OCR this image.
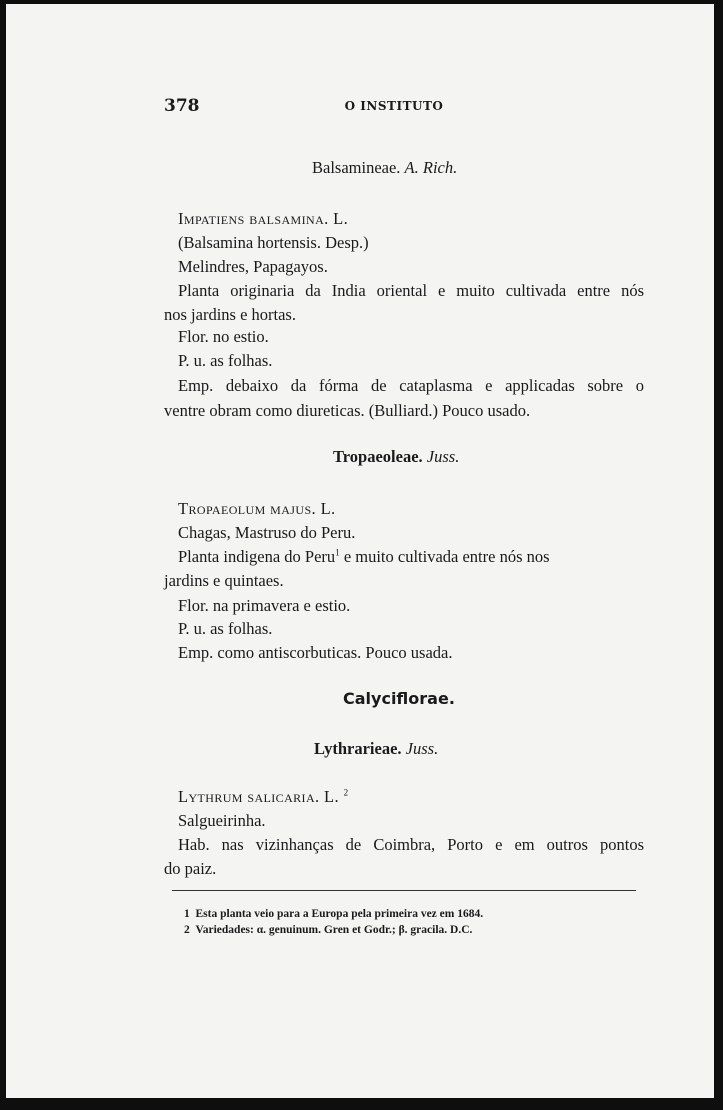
378	O INSTITUTO
Balsamineae. A. Rich.
Impatiens balsamina. L.
(Balsamina hortensis. Desp.)
Melindres, Papagayos.
Planta originaria da India oriental e muito cultivada entre nós
nos jardins e hortas.
Flor. no estio.
P. u. as folhas.
Emp. debaixo da fórma de cataplasma e applicadas sobre o
ventre obram como diureticas. (Bulliard.) Pouco usado.
Tropaeoleae. Juss.
Tropaeolum majus. L.
Chagas, Mastruso do Peru.
Planta indigena do Peru$^1$ e muito cultivada entre nós nos
jardins e quintaes.
Flor. na primavera e estio.
P. u. as folhas.
Emp. como antiscorbuticas. Pouco usada.
Calyciflorae.
Lythrarieae. Juss.
Lythrum salicaria. L. $^2$
Salgueirinha.
Hab. nas vizinhanças de Coimbra, Porto e em outros pontos
do paiz.
1 Esta planta veio para a Europa pela primeira vez em 1684.
2 Variedades: α. genuinum. Gren et Godr.; β. gracila. D.C.
